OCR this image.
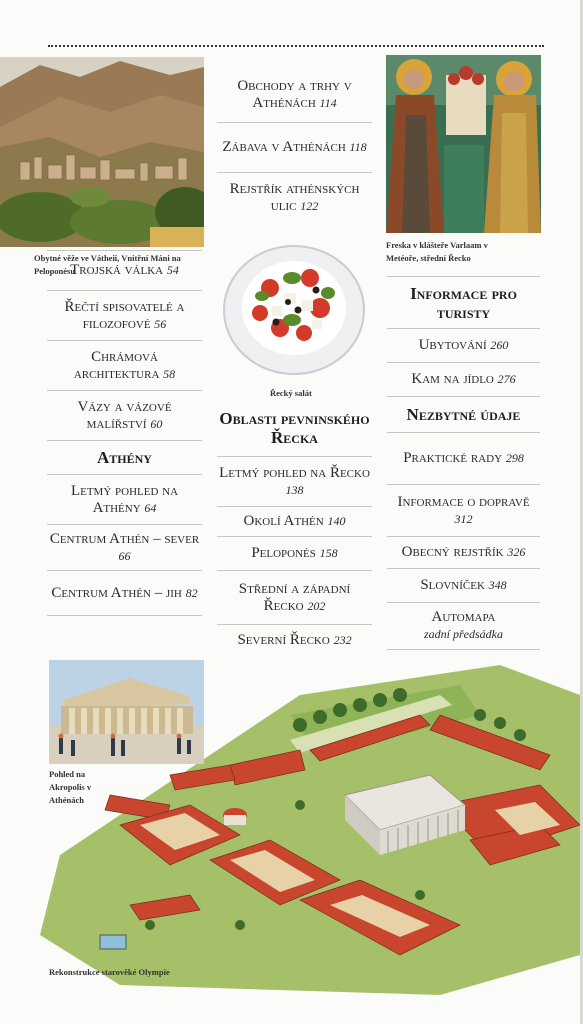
Obytné věže ve Vátheii, Vnitřní Máni na Peloponésu
Freska v klášteře Varlaam v Metéoře, střední Řecko
Řecký salát
Trojská válka 54
Řečtí spisovatelé a filozofové 56
Chrámová architektura 58
Vázy a vázové malířství 60
Athény
Letmý pohled na Athény 64
Centrum Athén – sever 66
Centrum Athén – jih 82
Obchody a trhy v Athénách 114
Zábava v Athénách 118
Rejstřík athénských ulic 122
Oblasti pevninského Řecka
Letmý pohled na Řecko 138
Okolí Athén 140
Peloponés 158
Střední a západní Řecko 202
Severní Řecko 232
Informace pro turisty
Ubytování 260
Kam na jídlo 276
Nezbytné údaje
Praktické rady 298
Informace o dopravě 312
Obecný rejstřík 326
Slovníček 348
Automapa
zadní předsádka
Pohled na Akropolis v Athénách
Rekonstrukce starověké Olympie
